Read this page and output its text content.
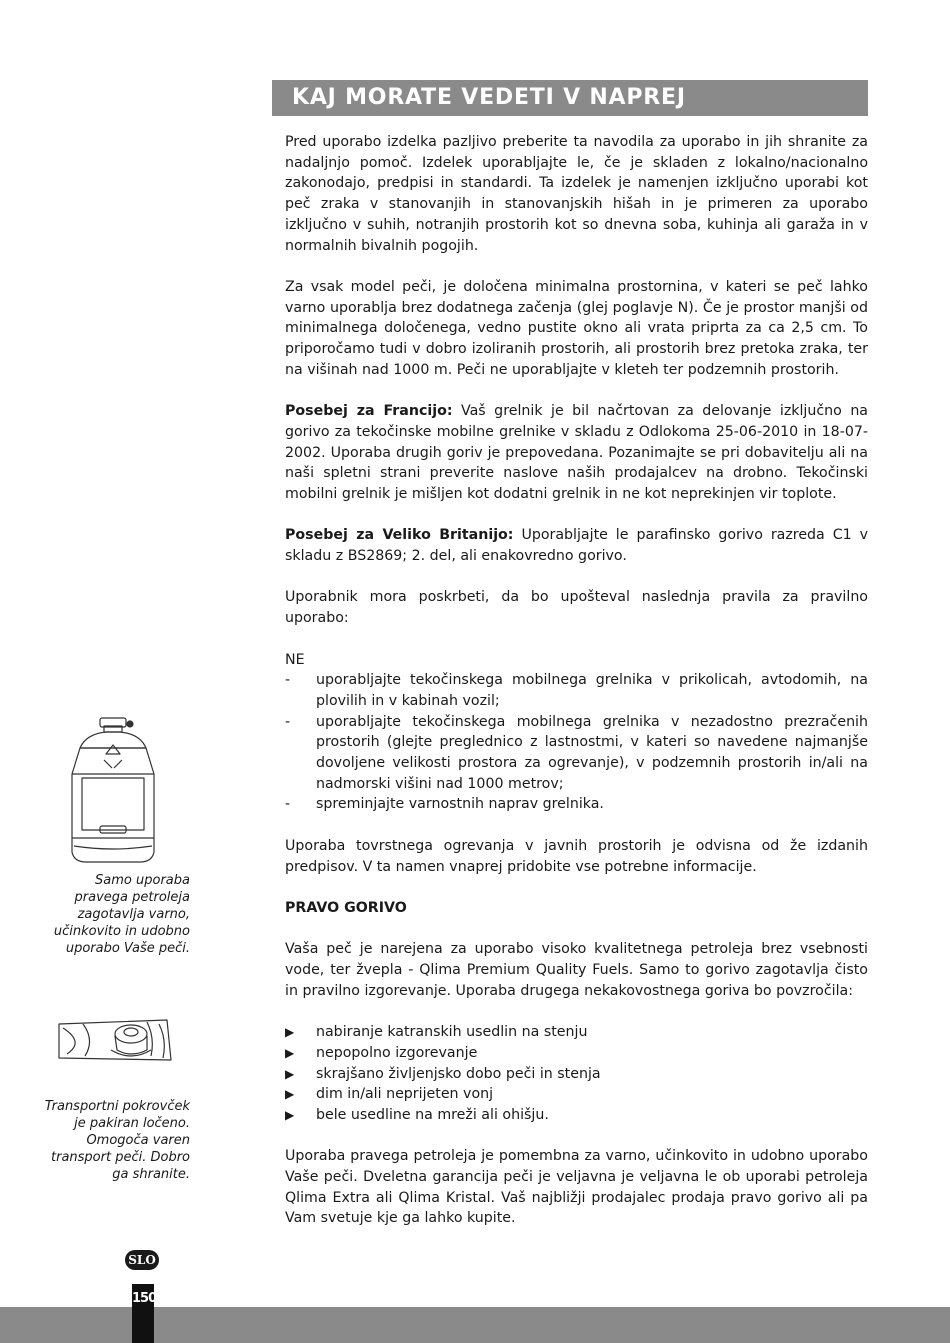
KAJ MORATE VEDETI V NAPREJ

Pred uporabo izdelka pazljivo preberite ta navodila za uporabo in jih shranite za nadaljnjo pomoč. Izdelek uporabljajte le, če je skladen z lokalno/nacionalno zakonodajo, predpisi in standardi. Ta izdelek je namenjen izključno uporabi kot peč zraka v stanovanjih in stanovanjskih hišah in je primeren za uporabo izključno v suhih, notranjih prostorih kot so dnevna soba, kuhinja ali garaža in v normalnih bivalnih pogojih.

Za vsak model peči, je določena minimalna prostornina, v kateri se peč lahko varno uporablja brez dodatnega začenja (glej poglavje N). Če je prostor manjši od minimalnega določenega, vedno pustite okno ali vrata priprta za ca 2,5 cm. To priporočamo tudi v dobro izoliranih prostorih, ali prostorih brez pretoka zraka, ter na višinah nad 1000 m. Peči ne uporabljajte v kleteh ter podzemnih prostorih.

Posebej za Francijo: Vaš grelnik je bil načrtovan za delovanje izključno na gorivo za tekočinske mobilne grelnike v skladu z Odlokoma 25-06-2010 in 18-07-2002. Uporaba drugih goriv je prepovedana. Pozanimajte se pri dobavitelju ali na naši spletni strani preverite naslove naših prodajalcev na drobno. Tekočinski mobilni grelnik je mišljen kot dodatni grelnik in ne kot neprekinjen vir toplote.

Posebej za Veliko Britanijo: Uporabljajte le parafinsko gorivo razreda C1 v skladu z BS2869; 2. del, ali enakovredno gorivo.

Uporabnik mora poskrbeti, da bo upošteval naslednja pravila za pravilno uporabo:

NE

- uporabljajte tekočinskega mobilnega grelnika v prikolicah, avtodomih, na plovilih in v kabinah vozil;
- uporabljajte tekočinskega mobilnega grelnika v nezadostno prezračenih prostorih (glejte preglednico z lastnostmi, v kateri so navedene najmanjše dovoljene velikosti prostora za ogrevanje), v podzemnih prostorih in/ali na nadmorski višini nad 1000 metrov;
- spreminjajte varnostnih naprav grelnika.

Uporaba tovrstnega ogrevanja v javnih prostorih je odvisna od že izdanih predpisov. V ta namen vnaprej pridobite vse potrebne informacije.

PRAVO GORIVO

Vaša peč je narejena za uporabo visoko kvalitetnega petroleja brez vsebnosti vode, ter žvepla - Qlima Premium Quality Fuels. Samo to gorivo zagotavlja čisto in pravilno izgorevanje. Uporaba drugega nekakovostnega goriva bo povzročila:

▶ nabiranje katranskih usedlin na stenju
▶ nepopolno izgorevanje
▶ skrajšano življenjsko dobo peči in stenja
▶ dim in/ali neprijeten vonj
▶ bele usedline na mreži ali ohišju.

Uporaba pravega petroleja je pomembna za varno, učinkovito in udobno uporabo Vaše peči. Dveletna garancija peči je veljavna je veljavna le ob uporabi petroleja Qlima Extra ali Qlima Kristal. Vaš najbližji prodajalec prodaja pravo gorivo ali pa Vam svetuje kje ga lahko kupite.

Samo uporaba pravega petroleja zagotavlja varno, učinkovito in udobno uporabo Vaše peči.
Transportni pokrovček je pakiran ločeno. Omogoča varen transport peči. Dobro ga shranite.
SLO
150
